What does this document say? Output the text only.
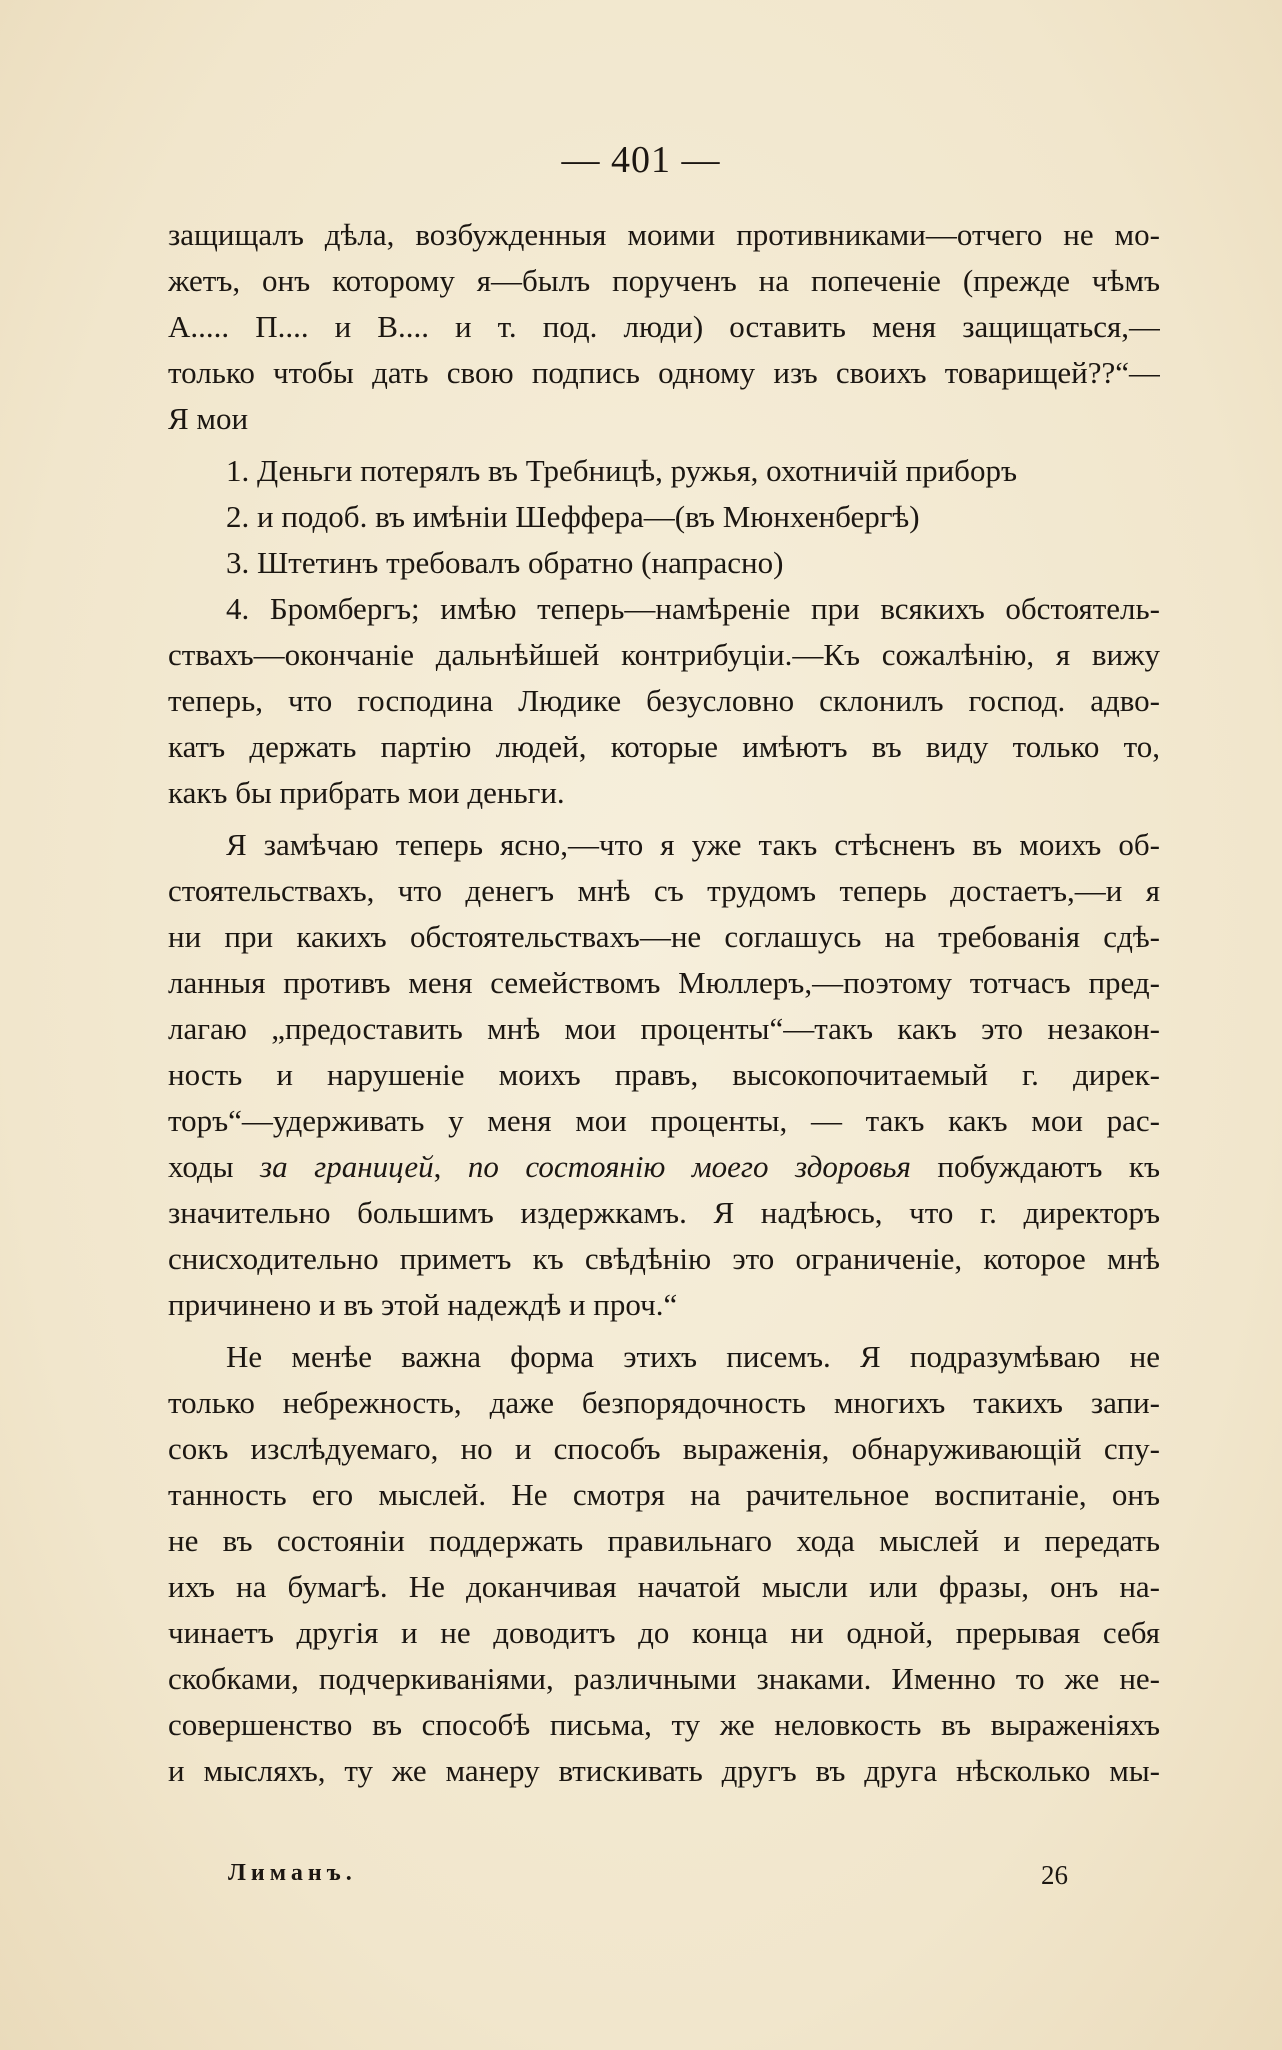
— 401 —
защищалъ дѣла, возбужденныя моими противниками—отчего не мо-
жетъ, онъ которому я—былъ порученъ на попеченіе (прежде чѣмъ
А..... П.... и В.... и т. под. люди) оставить меня защищаться,—
только чтобы дать свою подпись одному изъ своихъ товарищей??“—
Я мои
1. Деньги потерялъ въ Требницѣ, ружья, охотничій приборъ
2. и подоб. въ имѣніи Шеффера—(въ Мюнхенбергѣ)
3. Штетинъ требовалъ обратно (напрасно)
4. Бромбергъ; имѣю теперь—намѣреніе при всякихъ обстоятель-
ствахъ—окончаніе дальнѣйшей контрибуціи.—Къ сожалѣнію, я вижу
теперь, что господина Людике безусловно склонилъ господ. адво-
катъ держать партію людей, которые имѣютъ въ виду только то,
какъ бы прибрать мои деньги.
Я замѣчаю теперь ясно,—что я уже такъ стѣсненъ въ моихъ об-
стоятельствахъ, что денегъ мнѣ съ трудомъ теперь достаетъ,—и я
ни при какихъ обстоятельствахъ—не соглашусь на требованія сдѣ-
ланныя противъ меня семействомъ Мюллеръ,—поэтому тотчасъ пред-
лагаю „предоставить мнѣ мои проценты“—такъ какъ это незакон-
ность и нарушеніе моихъ правъ, высокопочитаемый г. дирек-
торъ“—удерживать у меня мои проценты, — такъ какъ мои рас-
ходы за границей, по состоянію моего здоровья побуждаютъ къ
значительно большимъ издержкамъ. Я надѣюсь, что г. директоръ
снисходительно приметъ къ свѣдѣнію это ограниченіе, которое мнѣ
причинено и въ этой надеждѣ и проч.“
Не менѣе важна форма этихъ писемъ. Я подразумѣваю не
только небрежность, даже безпорядочность многихъ такихъ запи-
сокъ изслѣдуемаго, но и способъ выраженія, обнаруживающій спу-
танность его мыслей. Не смотря на рачительное воспитаніе, онъ
не въ состояніи поддержать правильнаго хода мыслей и передать
ихъ на бумагѣ. Не доканчивая начатой мысли или фразы, онъ на-
чинаетъ другія и не доводитъ до конца ни одной, прерывая себя
скобками, подчеркиваніями, различными знаками. Именно то же не-
совершенство въ способѣ письма, ту же неловкость въ выраженіяхъ
и мысляхъ, ту же манеру втискивать другъ въ друга нѣсколько мы-
Лиманъ.	26
